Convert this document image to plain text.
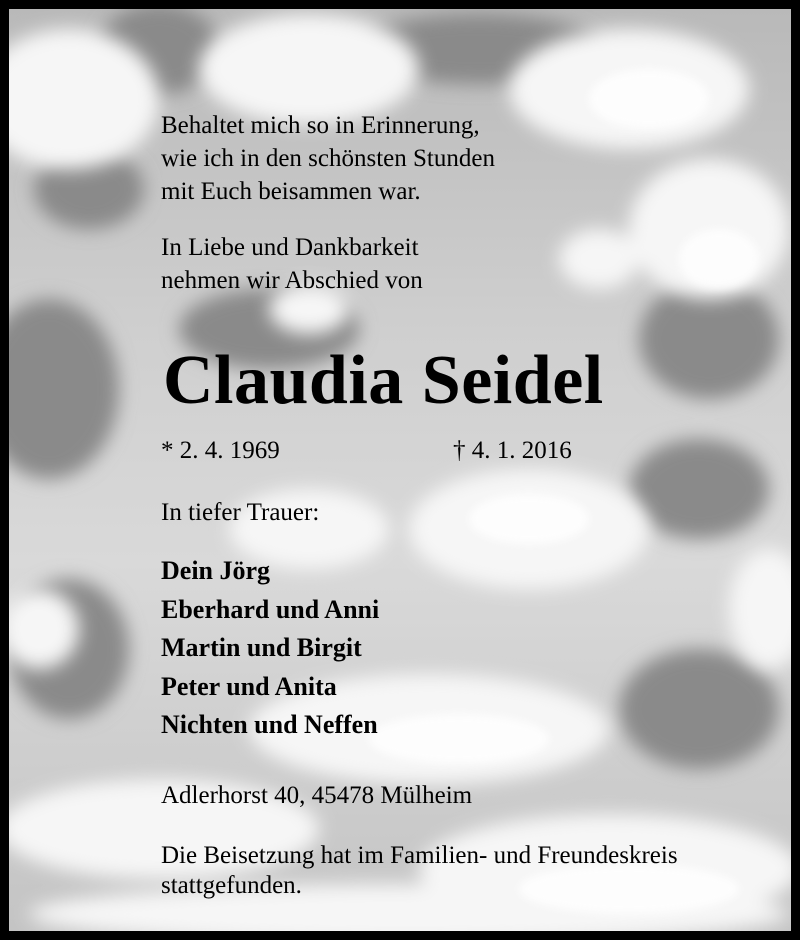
Behaltet mich so in Erinnerung,
wie ich in den schönsten Stunden
mit Euch beisammen war.
In Liebe und Dankbarkeit
nehmen wir Abschied von
Claudia Seidel
* 2. 4. 1969	† 4. 1. 2016
In tiefer Trauer:
Dein Jörg
Eberhard und Anni
Martin und Birgit
Peter und Anita
Nichten und Neffen
Adlerhorst 40, 45478 Mülheim
Die Beisetzung hat im Familien- und Freundeskreis
stattgefunden.
